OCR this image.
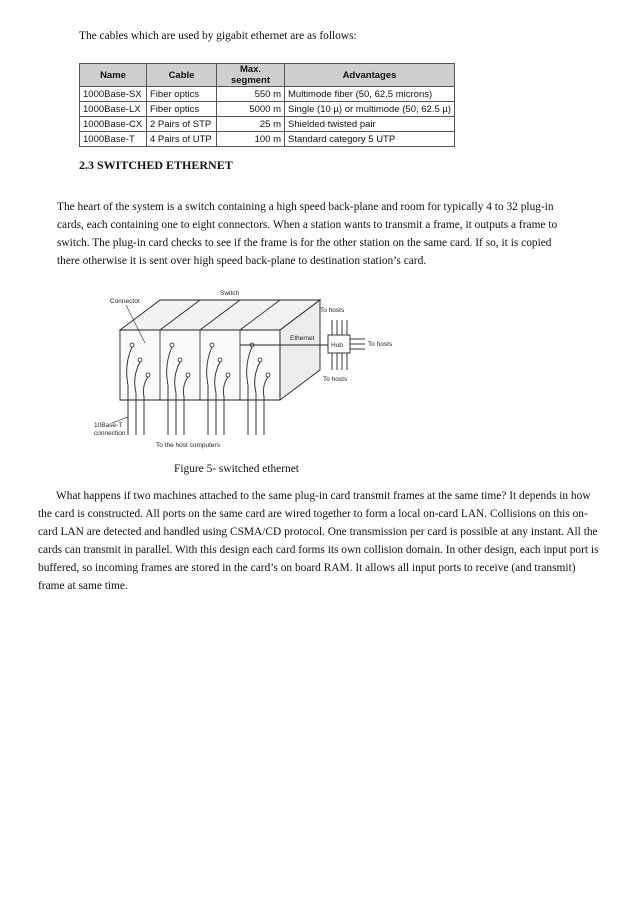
The cables which are used by gigabit ethernet are as follows:
Name	Cable	Max. segment	Advantages
1000Base-SX	Fiber optics	550 m	Multimode fiber (50, 62.5 microns)
1000Base-LX	Fiber optics	5000 m	Single (10 µ) or multimode (50, 62.5 µ)
1000Base-CX	2 Pairs of STP	25 m	Shielded twisted pair
1000Base-T	4 Pairs of UTP	100 m	Standard category 5 UTP
2.3 SWITCHED ETHERNET

The heart of the system is a switch containing a high speed back-plane and room for typically 4 to 32 plug-in cards, each containing one to eight connectors. When a station wants to transmit a frame, it outputs a frame to switch. The plug-in card checks to see if the frame is for the other station on the same card. If so, it is copied there otherwise it is sent over high speed back-plane to destination station’s card.

Connector
Switch
To hosts
Ethernet
Hub	To hosts
To hosts
10Base-T
connection
To the host computers
Figure 5- switched ethernet

What happens if two machines attached to the same plug-in card transmit frames at the same time? It depends in how the card is constructed. All ports on the same card are wired together to form a local on-card LAN. Collisions on this on-card LAN are detected and handled using CSMA/CD protocol. One transmission per card is possible at any instant. All the cards can transmit in parallel. With this design each card forms its own collision domain. In other design, each input port is buffered, so incoming frames are stored in the card’s on board RAM. It allows all input ports to receive (and transmit) frame at same time.
